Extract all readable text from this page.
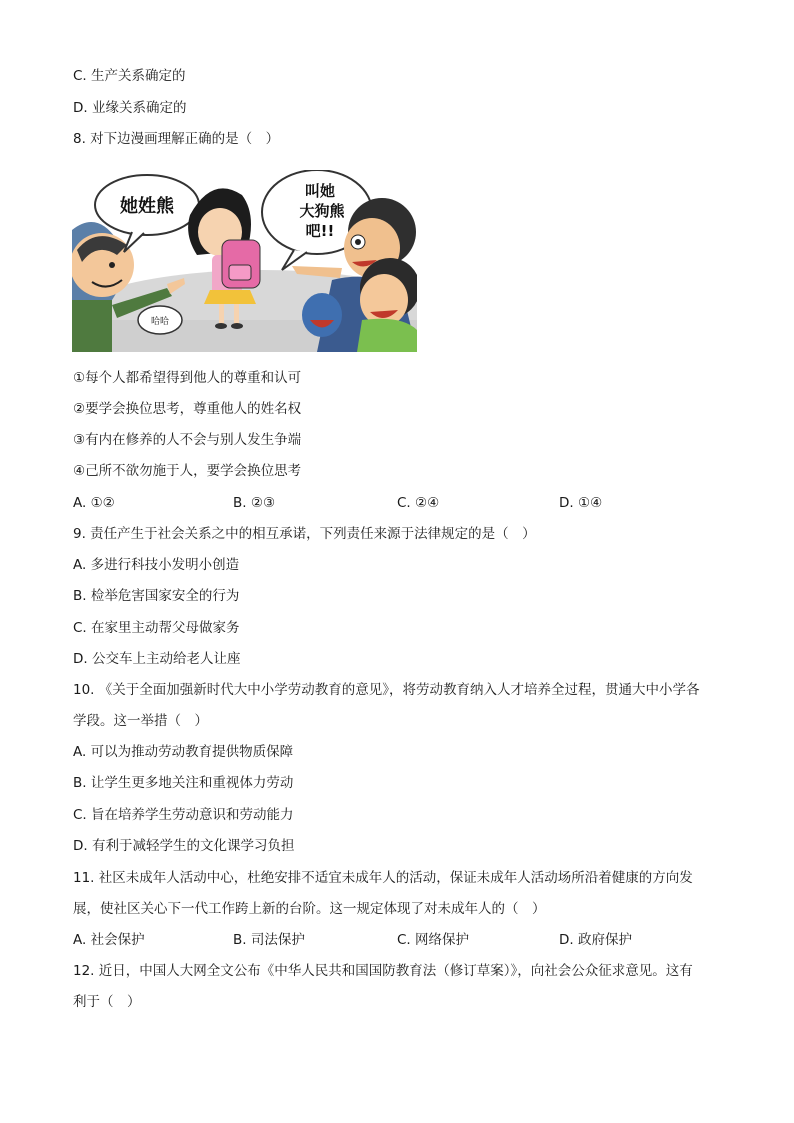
C. 生产关系确定的
D. 业缘关系确定的
8. 对下边漫画理解正确的是（　）
她姓熊
哈哈
叫她
大狗熊
吧!!
①每个人都希望得到他人的尊重和认可
②要学会换位思考，尊重他人的姓名权
③有内在修养的人不会与别人发生争端
④己所不欲勿施于人，要学会换位思考
A. ①②	B. ②③	C. ②④	D. ①④
9. 责任产生于社会关系之中的相互承诺，下列责任来源于法律规定的是（　）
A. 多进行科技小发明小创造
B. 检举危害国家安全的行为
C. 在家里主动帮父母做家务
D. 公交车上主动给老人让座
10. 《关于全面加强新时代大中小学劳动教育的意见》，将劳动教育纳入人才培养全过程，贯通大中小学各
学段。这一举措（　）
A. 可以为推动劳动教育提供物质保障
B. 让学生更多地关注和重视体力劳动
C. 旨在培养学生劳动意识和劳动能力
D. 有利于减轻学生的文化课学习负担
11. 社区未成年人活动中心，杜绝安排不适宜未成年人的活动，保证未成年人活动场所沿着健康的方向发
展，使社区关心下一代工作跨上新的台阶。这一规定体现了对未成年人的（　）
A. 社会保护	B. 司法保护	C. 网络保护	D. 政府保护
12. 近日，中国人大网全文公布《中华人民共和国国防教育法（修订草案）》，向社会公众征求意见。这有
利于（　）
